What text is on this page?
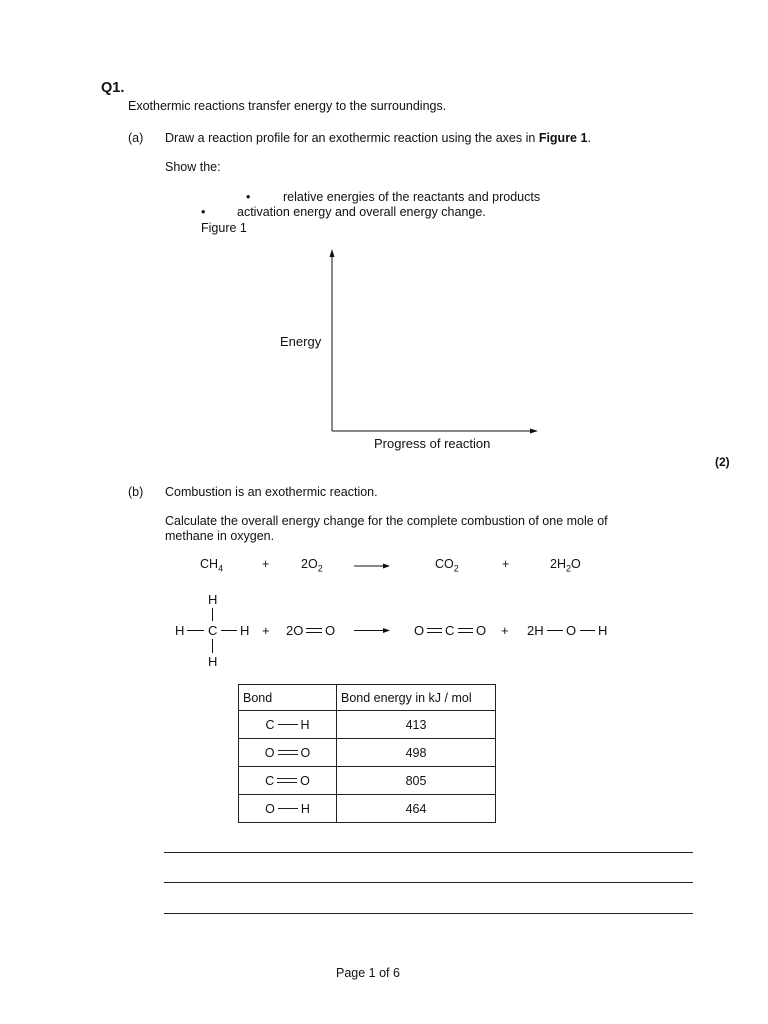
Q1.
Exothermic reactions transfer energy to the surroundings.
(a) Draw a reaction profile for an exothermic reaction using the axes in Figure 1.
Show the:
•	relative energies of the reactants and products
•	activation energy and overall energy change.
Figure 1
Energy
Progress of reaction
(2)
(b) Combustion is an exothermic reaction.
Calculate the overall energy change for the complete combustion of one mole of
methane in oxygen.
$CH_4$	+	$2O_2$	$CO_2$	+	$2H_2O$
H
H C H
H
+ 2O O	O C O + 2H O H
Bond	Bond energy in kJ / mol

C H	413

O O	498

C O	805

O H	464
Page 1 of 6
